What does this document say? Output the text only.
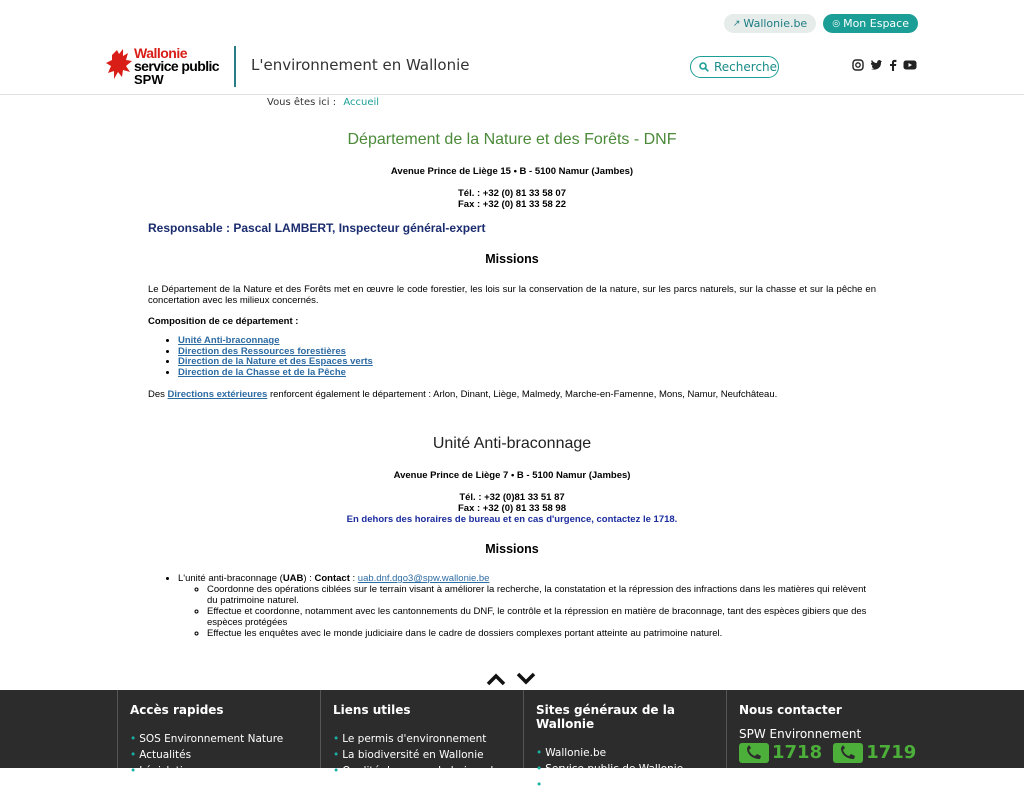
↗ Wallonie.be	◎ Mon Espace
Wallonie
service public
SPW
L'environnement en Wallonie	Recherche
Vous êtes ici : Accueil
Département de la Nature et des Forêts - DNF
Avenue Prince de Liège 15 • B - 5100 Namur (Jambes)
Tél. : +32 (0) 81 33 58 07
Fax : +32 (0) 81 33 58 22
Responsable : Pascal LAMBERT, Inspecteur général-expert
Missions
Le Département de la Nature et des Forêts met en œuvre le code forestier, les lois sur la conservation de la nature, sur les parcs naturels, sur la chasse et sur la pêche en concertation avec les milieux concernés.
Composition de ce département :
• Unité Anti-braconnage
• Direction des Ressources forestières
• Direction de la Nature et des Espaces verts
• Direction de la Chasse et de la Pêche
Des Directions extérieures renforcent également le département : Arlon, Dinant, Liège, Malmedy, Marche-en-Famenne, Mons, Namur, Neufchâteau.
Unité Anti-braconnage
Avenue Prince de Liège 7 • B - 5100 Namur (Jambes)
Tél. : +32 (0)81 33 51 87
Fax : +32 (0) 81 33 58 98
En dehors des horaires de bureau et en cas d'urgence, contactez le 1718.
Missions
• L'unité anti-braconnage (UAB) : Contact : uab.dnf.dgo3@spw.wallonie.be
◦ Coordonne des opérations ciblées sur le terrain visant à améliorer la recherche, la constatation et la répression des infractions dans les matières qui relèvent du patrimoine naturel.
◦ Effectue et coordonne, notamment avec les cantonnements du DNF, le contrôle et la répression en matière de braconnage, tant des espèces gibiers que des espèces protégées
◦ Effectue les enquêtes avec le monde judiciaire dans le cadre de dossiers complexes portant atteinte au patrimoine naturel.
Accès rapides
• SOS Environnement Nature
• Actualités
• Législation
Liens utiles
• Le permis d'environnement
• La biodiversité en Wallonie
• Qualité des eaux de baignade
Sites généraux de la Wallonie
• Wallonie.be
• Service public de Wallonie
• Wallex
Nous contacter
SPW Environnement
1718
1719
